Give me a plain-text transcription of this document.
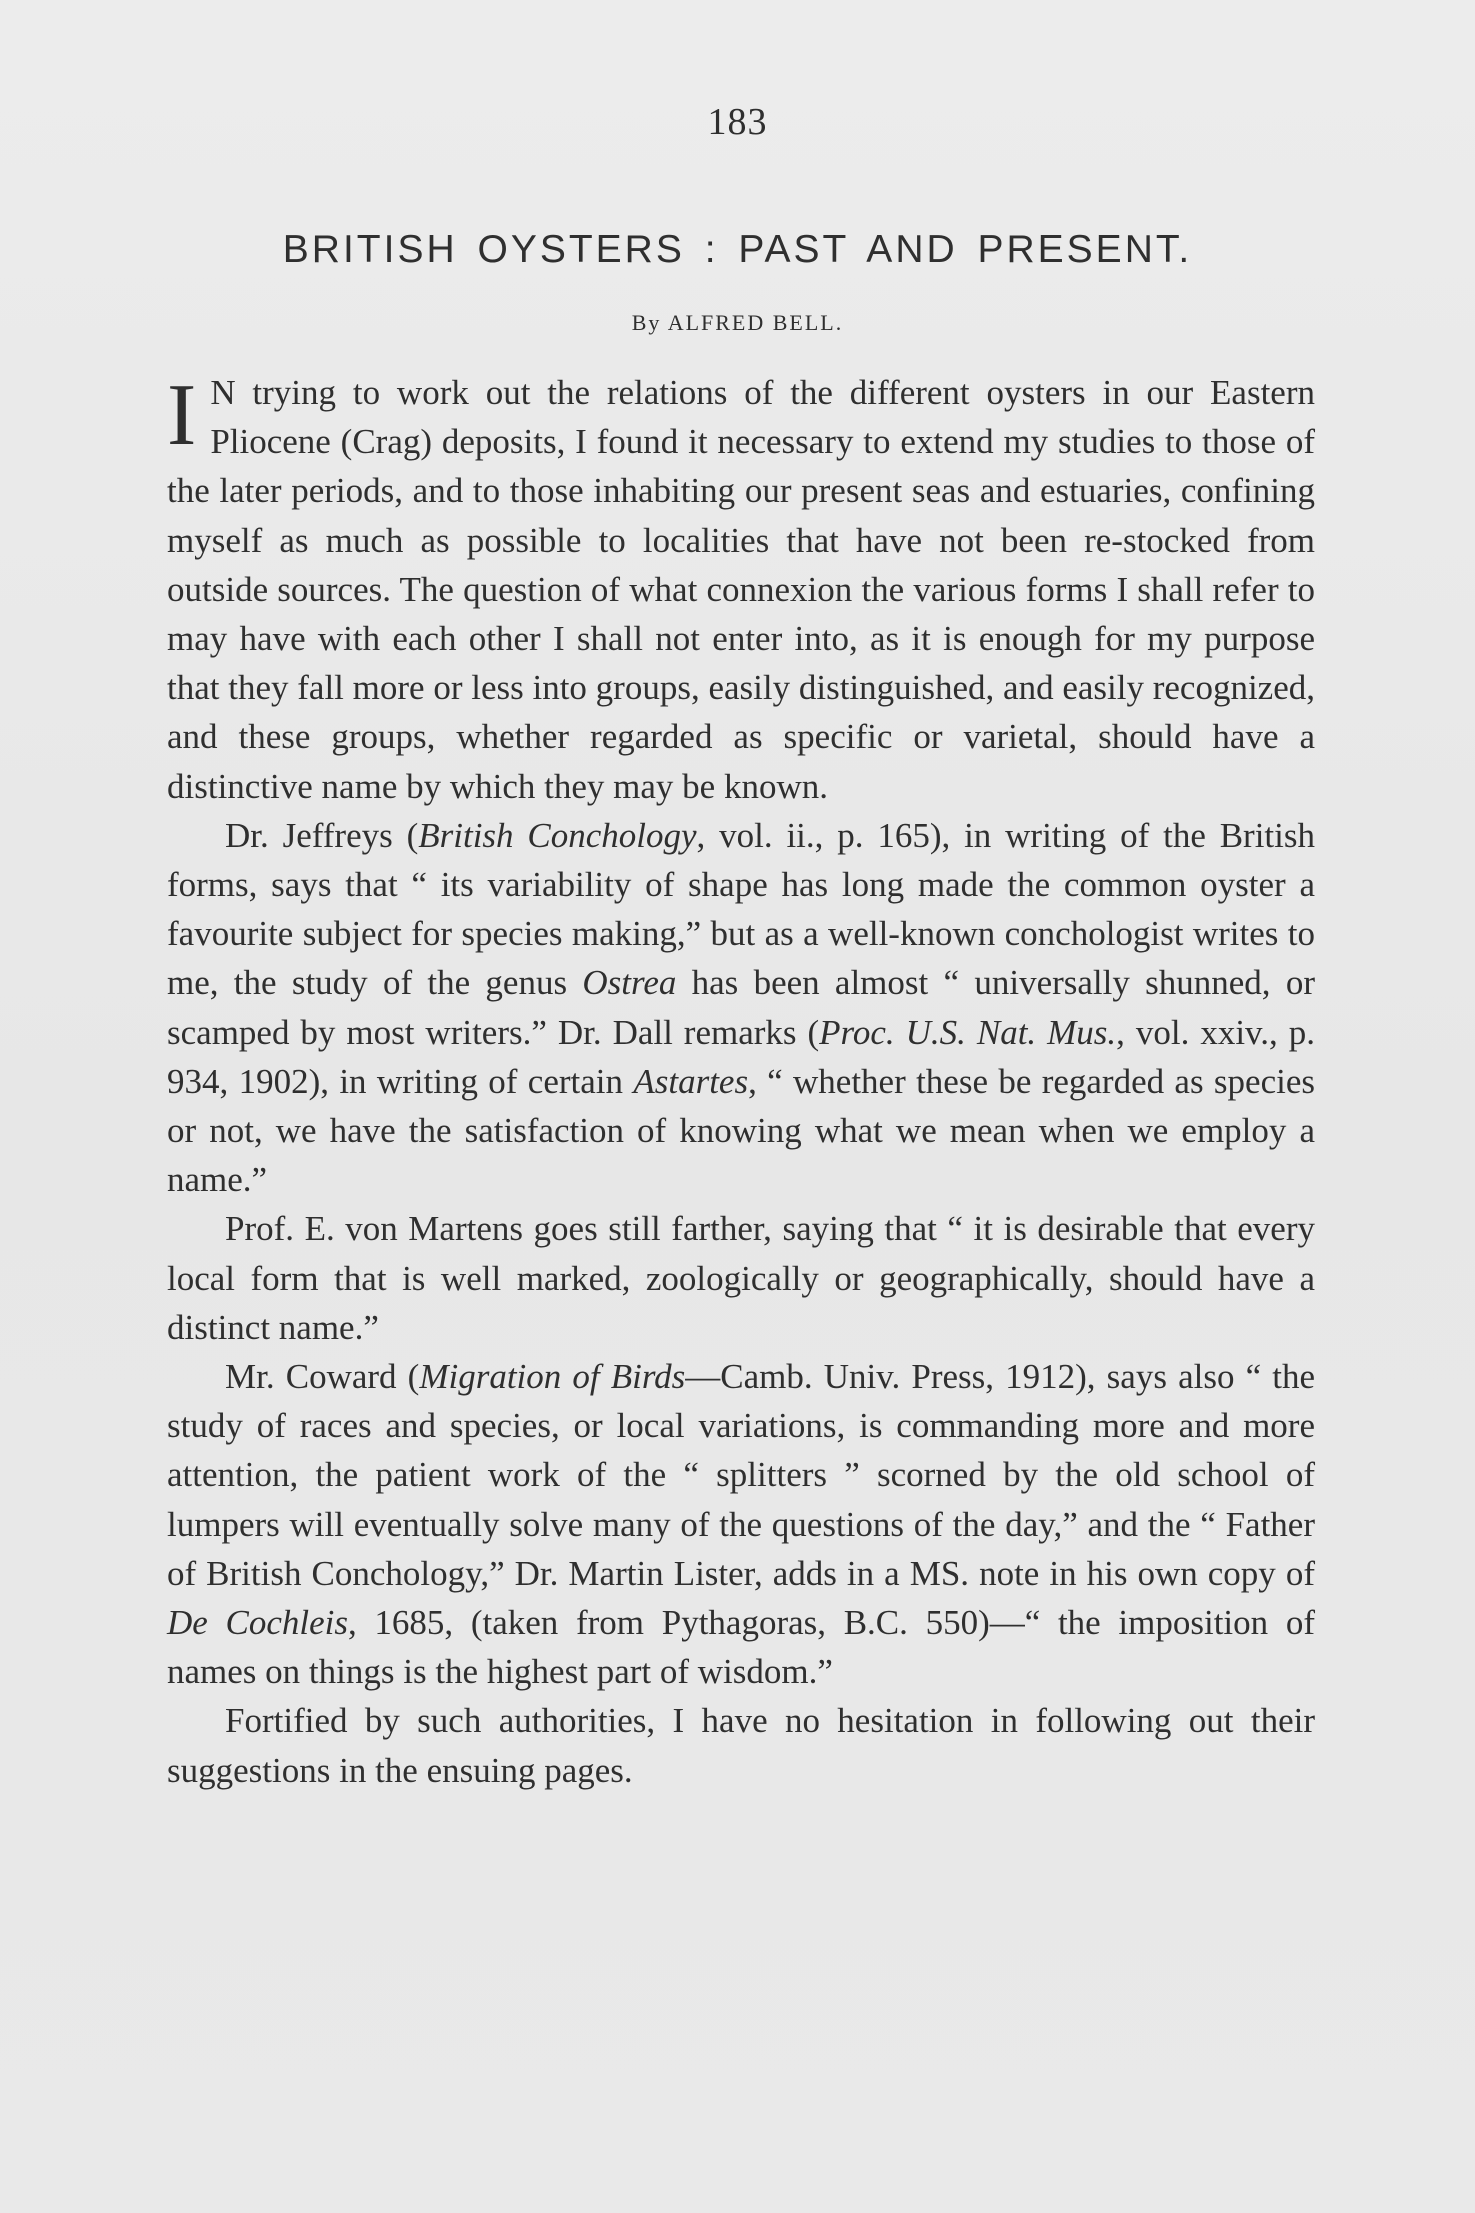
183
BRITISH OYSTERS : PAST AND PRESENT.
By ALFRED BELL.

I N trying to work out the relations of the different oysters in our Eastern Pliocene (Crag) deposits, I found it necessary to extend my studies to those of the later periods, and to those inhabiting our present seas and estuaries, confining myself as much as possible to localities that have not been re-stocked from outside sources. The question of what connexion the various forms I shall refer to may have with each other I shall not enter into, as it is enough for my purpose that they fall more or less into groups, easily distinguished, and easily recognized, and these groups, whether regarded as specific or varietal, should have a distinctive name by which they may be known.

Dr. Jeffreys (British Conchology, vol. ii., p. 165), in writing of the British forms, says that “ its variability of shape has long made the common oyster a favourite subject for species making,” but as a well-known conchologist writes to me, the study of the genus Ostrea has been almost “ universally shunned, or scamped by most writers.” Dr. Dall remarks (Proc. U.S. Nat. Mus., vol. xxiv., p. 934, 1902), in writing of certain Astartes, “ whether these be regarded as species or not, we have the satisfaction of knowing what we mean when we employ a name.”

Prof. E. von Martens goes still farther, saying that “ it is desirable that every local form that is well marked, zoologically or geographically, should have a distinct name.”

Mr. Coward (Migration of Birds—Camb. Univ. Press, 1912), says also “ the study of races and species, or local variations, is commanding more and more attention, the patient work of the “ splitters ” scorned by the old school of lumpers will eventually solve many of the questions of the day,” and the “ Father of British Conchology,” Dr. Martin Lister, adds in a MS. note in his own copy of De Cochleis, 1685, (taken from Pythagoras, B.C. 550)—“ the imposition of names on things is the highest part of wisdom.”

Fortified by such authorities, I have no hesitation in following out their suggestions in the ensuing pages.
